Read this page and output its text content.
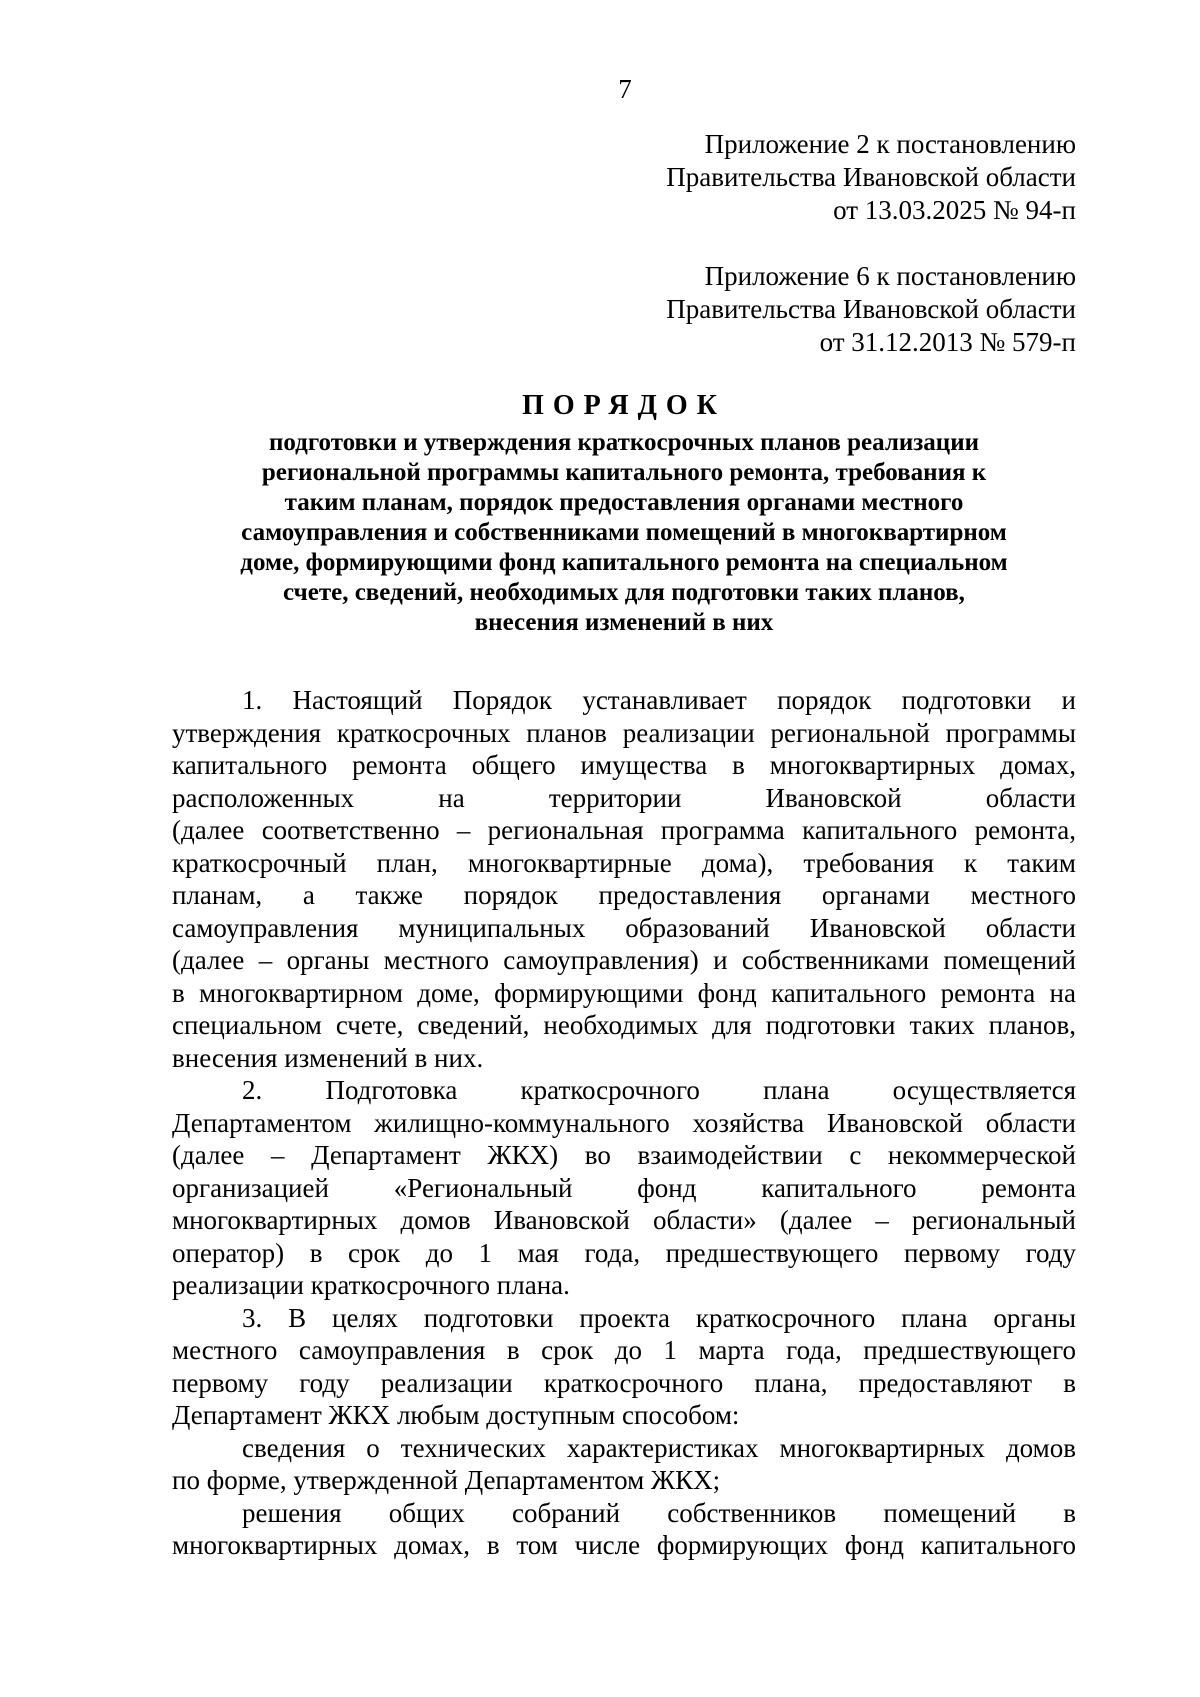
7
Приложение 2 к постановлению
Правительства Ивановской области
от 13.03.2025 № 94-п
Приложение 6 к постановлению
Правительства Ивановской области
от 31.12.2013 № 579-п

ПОРЯДОК

подготовки и утверждения краткосрочных планов реализации
региональной программы капитального ремонта, требования к
таким планам, порядок предоставления органами местного
самоуправления и собственниками помещений в многоквартирном
доме, формирующими фонд капитального ремонта на специальном
счете, сведений, необходимых для подготовки таких планов,
внесения изменений в них

1. Настоящий Порядок устанавливает порядок подготовки и
утверждения краткосрочных планов реализации региональной программы
капитального ремонта общего имущества в многоквартирных домах,
расположенных на территории Ивановской области
(далее соответственно – региональная программа капитального ремонта,
краткосрочный план, многоквартирные дома), требования к таким
планам, а также порядок предоставления органами местного
самоуправления муниципальных образований Ивановской области
(далее – органы местного самоуправления) и собственниками помещений
в многоквартирном доме, формирующими фонд капитального ремонта на
специальном счете, сведений, необходимых для подготовки таких планов,
внесения изменений в них.
2. Подготовка краткосрочного плана осуществляется
Департаментом жилищно-коммунального хозяйства Ивановской области
(далее – Департамент ЖКХ) во взаимодействии с некоммерческой
организацией «Региональный фонд капитального ремонта
многоквартирных домов Ивановской области» (далее – региональный
оператор) в срок до 1 мая года, предшествующего первому году
реализации краткосрочного плана.
3. В целях подготовки проекта краткосрочного плана органы
местного самоуправления в срок до 1 марта года, предшествующего
первому году реализации краткосрочного плана, предоставляют в
Департамент ЖКХ любым доступным способом:
сведения о технических характеристиках многоквартирных домов
по форме, утвержденной Департаментом ЖКХ;
решения общих собраний собственников помещений в
многоквартирных домах, в том числе формирующих фонд капитального
